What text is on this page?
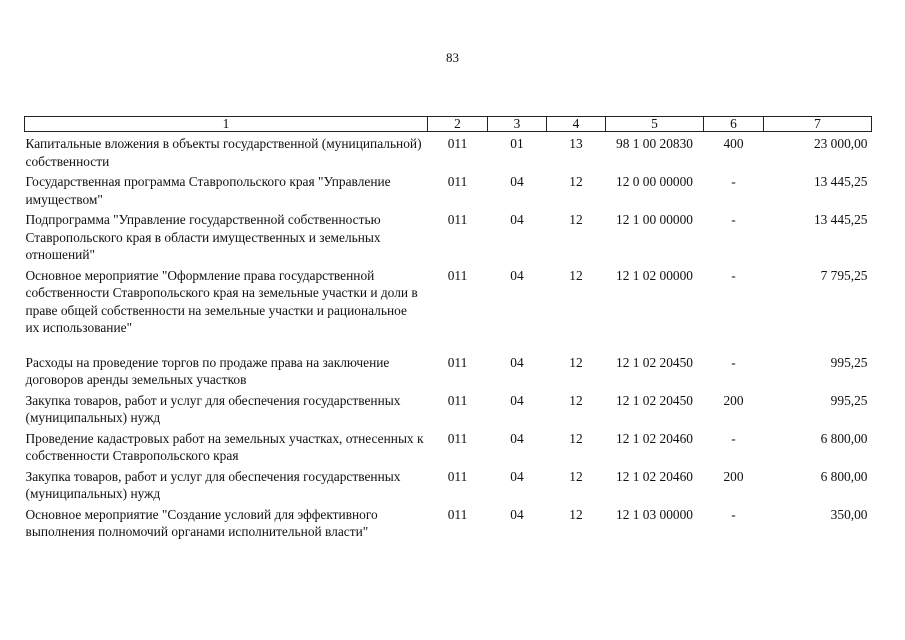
83
1	2	3	4	5	6	7
Капитальные вложения в объекты государственной (муниципальной) собственности	011	01	13	98 1 00 20830	400	23 000,00
Государственная программа Ставропольского края "Управление имуществом"	011	04	12	12 0 00 00000	-	13 445,25
Подпрограмма "Управление государственной собственностью Ставропольского края в области имущественных и земельных отношений"	011	04	12	12 1 00 00000	-	13 445,25
Основное мероприятие "Оформление права государственной собственности Ставропольского края на земельные участки и доли в праве общей собственности на земельные участки и рациональное их использование"	011	04	12	12 1 02 00000	-	7 795,25
Расходы на проведение торгов по продаже права на заключение договоров аренды земельных участков	011	04	12	12 1 02 20450	-	995,25
Закупка товаров, работ и услуг для обеспечения государственных (муниципальных) нужд	011	04	12	12 1 02 20450	200	995,25
Проведение кадастровых работ на земельных участках, отнесенных к собственности Ставропольского края	011	04	12	12 1 02 20460	-	6 800,00
Закупка товаров, работ и услуг для обеспечения государственных (муниципальных) нужд	011	04	12	12 1 02 20460	200	6 800,00
Основное мероприятие "Создание условий для эффективного выполнения полномочий органами исполнительной власти"	011	04	12	12 1 03 00000	-	350,00
